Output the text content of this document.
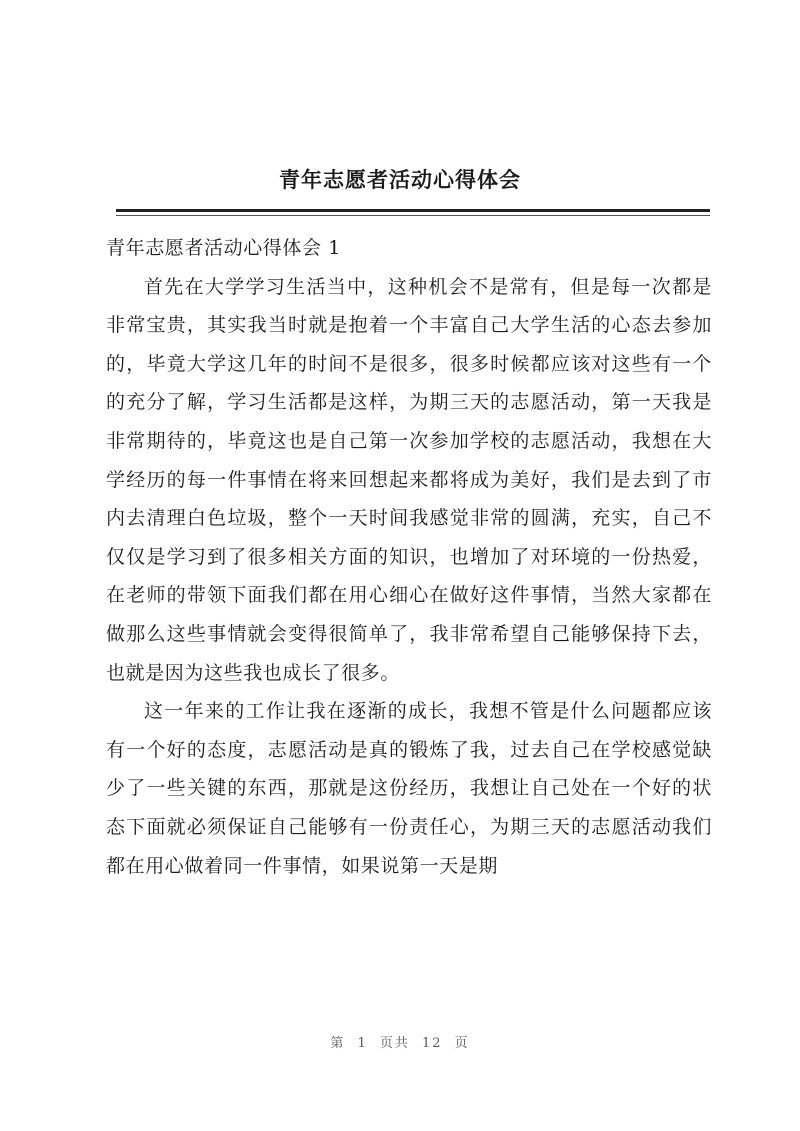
青年志愿者活动心得体会

青年志愿者活动心得体会 1

首先在大学学习生活当中，这种机会不是常有，但是每一次都是非常宝贵，其实我当时就是抱着一个丰富自己大学生活的心态去参加的，毕竟大学这几年的时间不是很多，很多时候都应该对这些有一个的充分了解，学习生活都是这样，为期三天的志愿活动，第一天我是非常期待的，毕竟这也是自己第一次参加学校的志愿活动，我想在大学经历的每一件事情在将来回想起来都将成为美好，我们是去到了市内去清理白色垃圾，整个一天时间我感觉非常的圆满，充实，自己不仅仅是学习到了很多相关方面的知识，也增加了对环境的一份热爱，在老师的带领下面我们都在用心细心在做好这件事情，当然大家都在做那么这些事情就会变得很简单了，我非常希望自己能够保持下去，也就是因为这些我也成长了很多。

这一年来的工作让我在逐渐的成长，我想不管是什么问题都应该有一个好的态度，志愿活动是真的锻炼了我，过去自己在学校感觉缺少了一些关键的东西，那就是这份经历，我想让自己处在一个好的状态下面就必须保证自己能够有一份责任心，为期三天的志愿活动我们都在用心做着同一件事情，如果说第一天是期

第 1 页共 12 页
